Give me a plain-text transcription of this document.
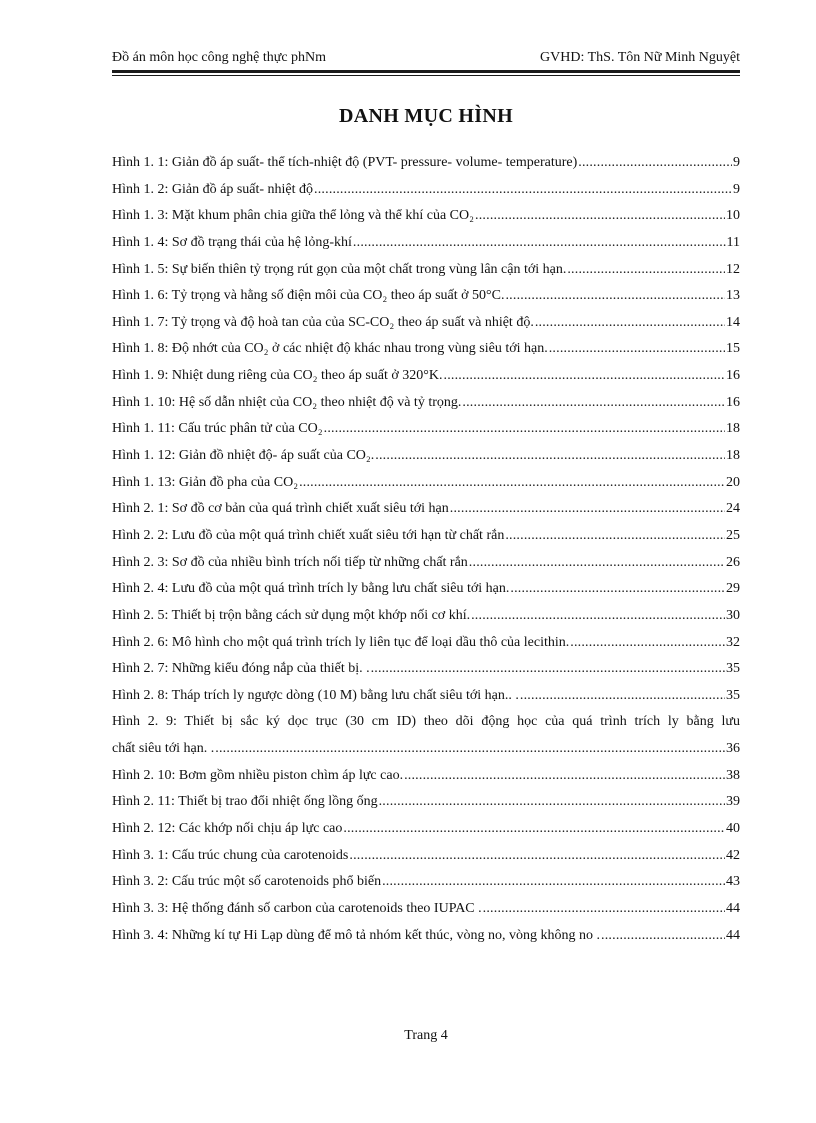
Đồ án môn học công nghệ thực phNm	GVHD: ThS. Tôn Nữ Minh Nguyệt
DANH MỤC HÌNH
Hình 1. 1: Giản đồ áp suất- thể tích-nhiệt độ (PVT- pressure- volume- temperature) .....	9
Hình 1. 2: Giản đồ áp suất- nhiệt độ .....	9
Hình 1. 3: Mặt khum phân chia giữa thể lỏng và thể khí của CO₂ .....	10
Hình 1. 4: Sơ đồ trạng thái của hệ lỏng-khí .....	11
Hình 1. 5: Sự biến thiên tỷ trọng rút gọn của một chất trong vùng lân cận tới hạn. .....	12
Hình 1. 6: Tỷ trọng và hằng số điện môi của CO₂ theo áp suất ở 50°C. .....	13
Hình 1. 7: Tỷ trọng và độ hoà tan của của SC-CO₂ theo áp suất và nhiệt độ. .....	14
Hình 1. 8: Độ nhớt của CO₂ ở các nhiệt độ khác nhau trong vùng siêu tới hạn. .....	15
Hình 1. 9: Nhiệt dung riêng của CO₂ theo áp suất ở 320°K. .....	16
Hình 1. 10: Hệ số dẫn nhiệt của CO₂ theo nhiệt độ và tỷ trọng. .....	16
Hình 1. 11: Cấu trúc phân tử của CO₂ .....	18
Hình 1. 12: Giản đồ nhiệt độ- áp suất của CO₂. .....	18
Hình 1. 13: Giản đồ pha của CO₂ .....	20
Hình 2. 1: Sơ đồ cơ bản của quá trình chiết xuất siêu tới hạn .....	24
Hình 2. 2: Lưu đồ của một quá trình chiết xuất siêu tới hạn từ chất rắn .....	25
Hình 2. 3: Sơ đồ của nhiều bình trích nối tiếp từ những chất rắn .....	26
Hình 2. 4: Lưu đồ của một quá trình trích ly bằng lưu chất siêu tới hạn. .....	29
Hình 2. 5: Thiết bị trộn bằng cách sử dụng một khớp nối cơ khí. .....	30
Hình 2. 6: Mô hình cho một quá trình trích ly liên tục để loại dầu thô của lecithin. .....	32
Hình 2. 7: Những kiểu đóng nắp của thiết bị. . .....	35
Hình 2. 8: Tháp trích ly ngược dòng (10 M) bằng lưu chất siêu tới hạn.. . .....	35
Hình 2. 9: Thiết bị sắc ký dọc trục (30 cm ID) theo dõi động học của quá trình trích ly bằng lưu
chất siêu tới hạn. . .....	36
Hình 2. 10: Bơm gồm nhiều piston chìm áp lực cao. .....	38
Hình 2. 11: Thiết bị trao đổi nhiệt ống lồng ống .....	39
Hình 2. 12: Các khớp nối chịu áp lực cao .....	40
Hình 3. 1: Cấu trúc chung của carotenoids .....	42
Hình 3. 2: Cấu trúc một số carotenoids phổ biến .....	43
Hình 3. 3: Hệ thống đánh số carbon của carotenoids theo IUPAC . .....	44
Hình 3. 4: Những kí tự Hi Lạp dùng để mô tả nhóm kết thúc, vòng no, vòng không no . .....	44
Trang 4
